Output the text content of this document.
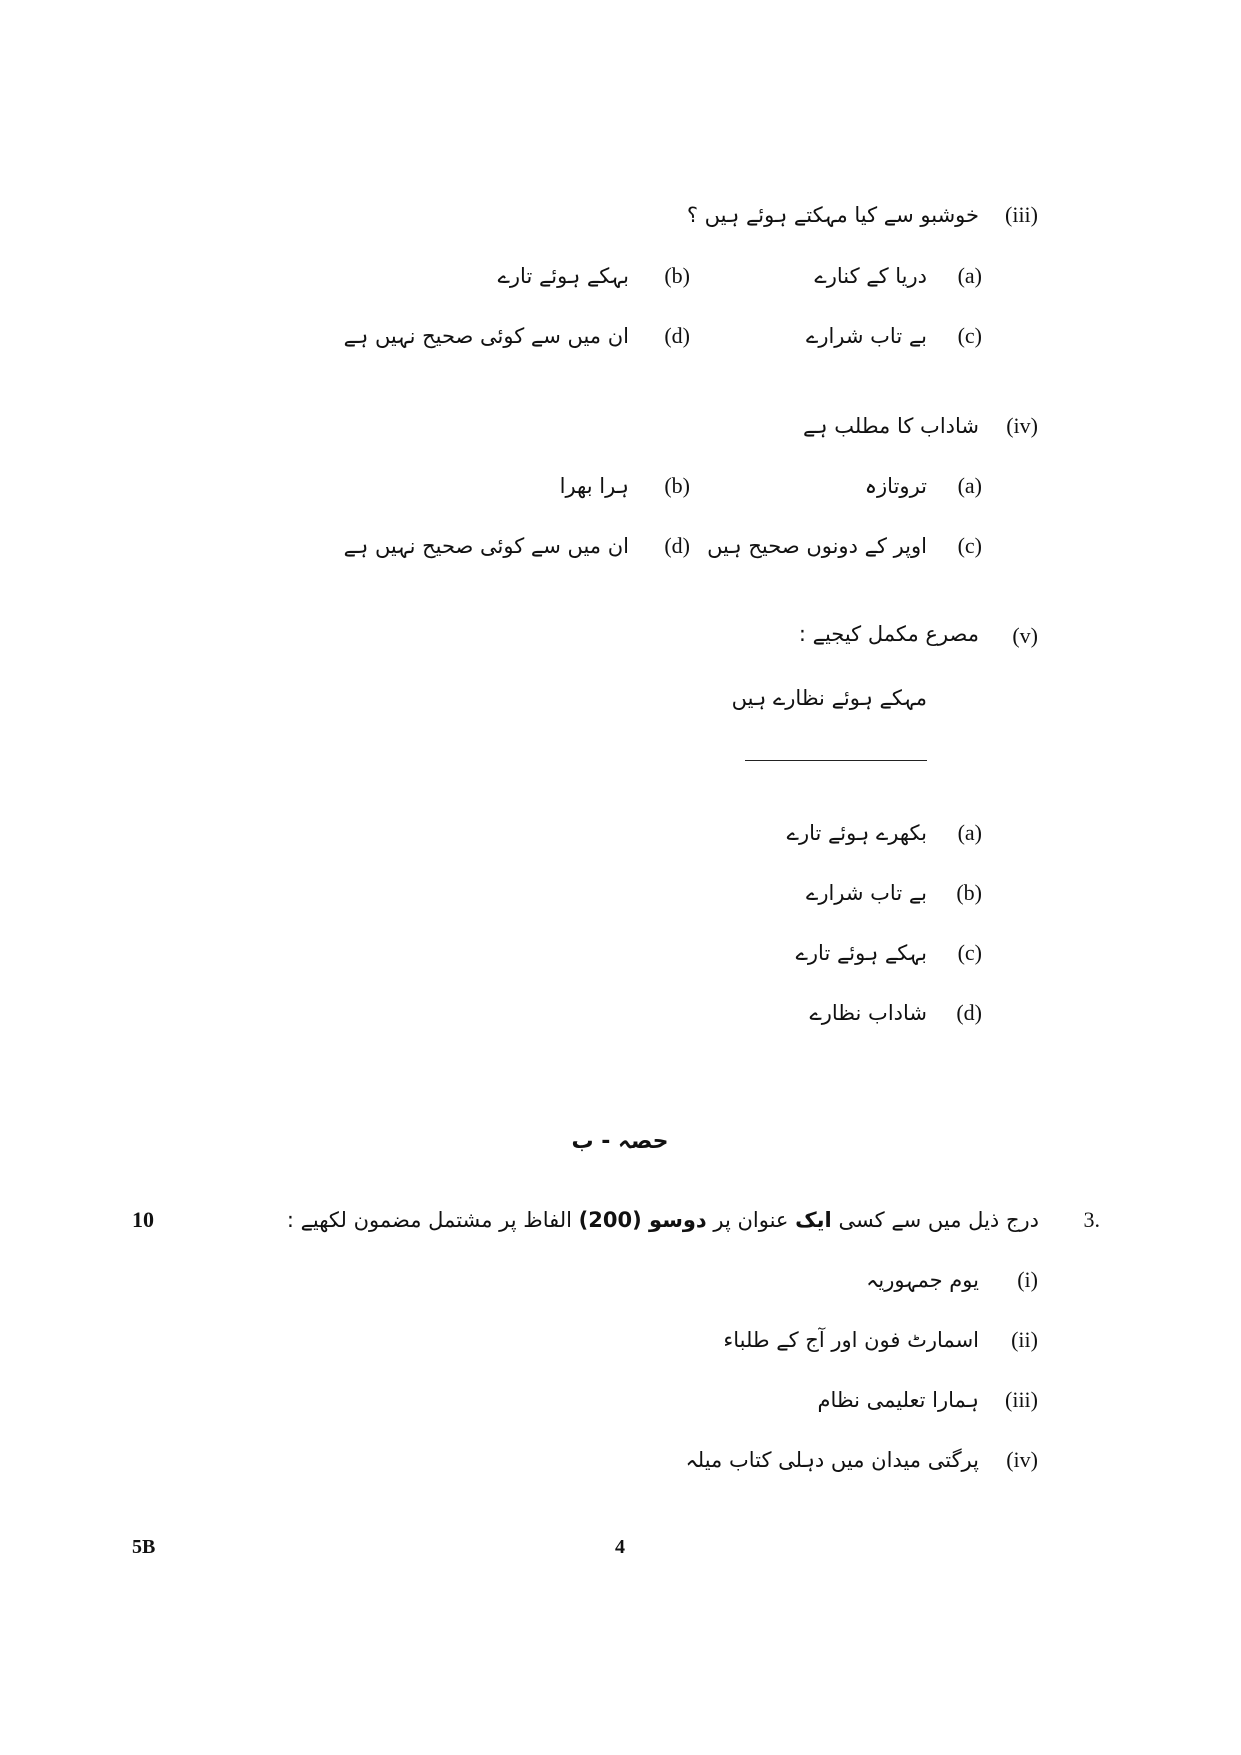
(iii)
خوشبو سے کیا مہکتے ہوئے ہیں ؟
(a)
دریا کے کنارے
(b)
بہکے ہوئے تارے
(c)
بے تاب شرارے
(d)
ان میں سے کوئی صحیح نہیں ہے
(iv)
شاداب کا مطلب ہے
(a)
تروتازہ
(b)
ہرا بھرا
(c)
اوپر کے دونوں صحیح ہیں
(d)
ان میں سے کوئی صحیح نہیں ہے
(v)
مصرع مکمل کیجیے :
مہکے ہوئے نظارے ہیں
(a)
بکھرے ہوئے تارے
(b)
بے تاب شرارے
(c)
بہکے ہوئے تارے
(d)
شاداب نظارے
حصہ - ب
3.
درج ذیل میں سے کسی ایک عنوان پر دوسو (200) الفاظ پر مشتمل مضمون لکھیے :
10
(i)
یوم جمہوریہ
(ii)
اسمارٹ فون اور آج کے طلباء
(iii)
ہمارا تعلیمی نظام
(iv)
پرگتی میدان میں دہلی کتاب میلہ
5B	4
